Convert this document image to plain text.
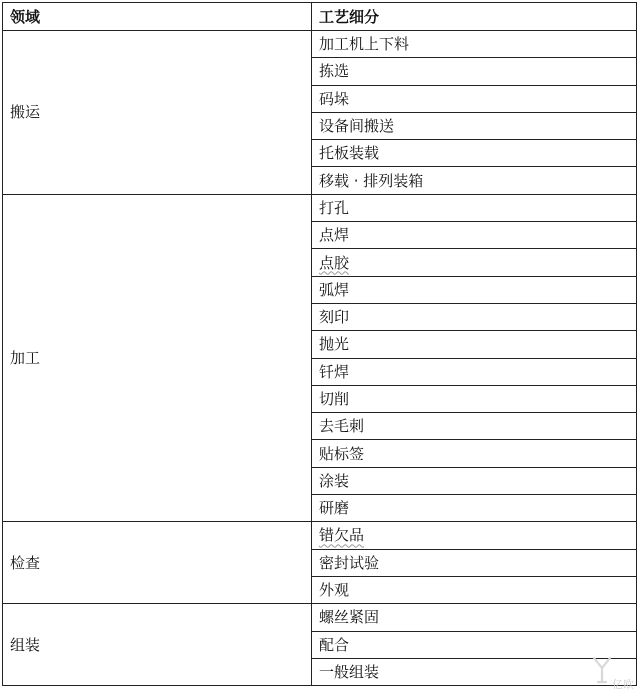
领域	工艺细分
搬运	加工机上下料
	拣选
	码垛
	设备间搬送
	托板装载
	移载 · 排列装箱
加工	打孔
	点焊
	点胶
	弧焊
	刻印
	抛光
	钎焊
	切削
	去毛刺
	贴标签
	涂装
	研磨
检查	错欠品
	密封试验
	外观
组装	螺丝紧固
	配合
	一般组装
亿欧
